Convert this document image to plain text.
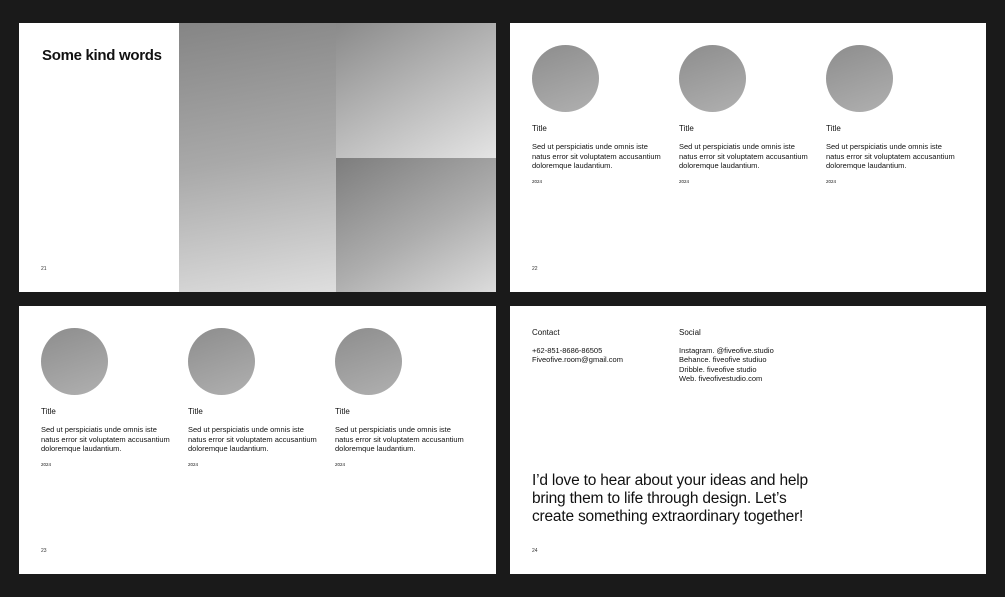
Some kind words
21
Title
Sed ut perspiciatis unde omnis iste natus error sit voluptatem accusantium doloremque laudantium.
2024
Title
Sed ut perspiciatis unde omnis iste natus error sit voluptatem accusantium doloremque laudantium.
2024
Title
Sed ut perspiciatis unde omnis iste natus error sit voluptatem accusantium doloremque laudantium.
2024
22
Title
Sed ut perspiciatis unde omnis iste natus error sit voluptatem accusantium doloremque laudantium.
2024
Title
Sed ut perspiciatis unde omnis iste natus error sit voluptatem accusantium doloremque laudantium.
2024
Title
Sed ut perspiciatis unde omnis iste natus error sit voluptatem accusantium doloremque laudantium.
2024
23
Contact
+62-851-8686-86505
Fiveofive.room@gmail.com
Social
Instagram. @fiveofive.studio
Behance. fiveofive studiuo
Dribble. fiveofive studio
Web. fiveofivestudio.com
I’d love to hear about your ideas and help bring them to life through design. Let’s create something extraordinary together!
24
